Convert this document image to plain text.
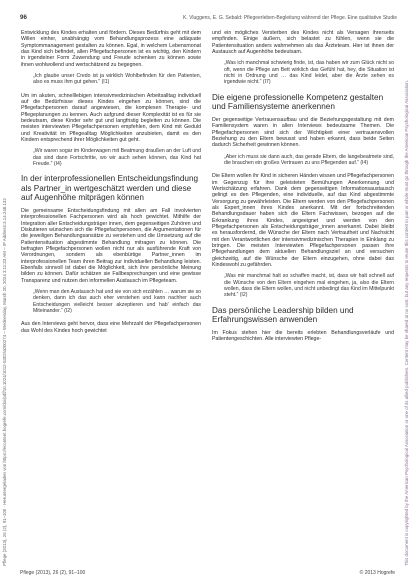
Pflege (2013), 26 (2), 91–100 · Heruntergeladen von https://econtent.hogrefe.com/doi/pdf/10.1024/1012-5302/a000274 – Wednesday, March 20, 2024 3:11:33 AM – IP Address:3.14.248.132	This document is copyrighted by the American Psychological Association or one of its allied publishers. Content may be shared at no cost, but any requests to reuse this content in part or whole must go through the American Psychological Association.
96	K. Vluggens, E. G. Sebald: Pflegeerleben-Begleitung während der Pflege. Eine qualitative Studie

Entwicklung des Kindes erhalten und fördern. Dieses Bedürfnis geht mit dem Willen einher, unabhängig vom Behandlungsprozess eine adäquate Symptommanagement gestalten zu können. Egal, in welchem Lebensmonat das Kind sich befindet, allen Pflegefachpersonen ist es wichtig, den Kindern in irgendeiner Form Zuwendung und Freude schenken zu können sowie ihnen wohlwollend und wertschätzend zu begegnen.

„Ich glaube unser Credo ist ja wirklich Wohlbefinden für den Patienten, also es muss ihm gut gehen.“ (I1)

Um im akuten, schnelllebigen intensivmedizinischen Arbeitsalltag individuell auf die Bedürfnisse dieses Kindes eingehen zu können, sind die Pflegefachpersonen darauf angewiesen, die komplexen Therapie- und Pflegeplanungen zu kennen. Auch aufgrund dieser Komplexität ist es für sie bedeutsam, diese Kinder sehr gut und langfristig begleiten zu können. Die meisten interviewten Pflegefachpersonen empfehlen, dem Kind mit Geduld und Kreativität im Pflegealltag Möglichkeiten anzubieten, damit es den Kindern entsprechend ihrer Möglichkeiten gut geht.

„Wir waren sogar im Kinderwagen mit Beatmung draußen an der Luft und das sind dann Fortschritte, wo wir auch sehen können, das Kind hat Freude.“ (I4)

In der interprofessionellen Entscheidungsfindung als Partner_in wertgeschätzt werden und diese auf Augenhöhe mitprägen können

Die gemeinsame Entscheidungsfindung mit allen am Fall involvierten interprofessionellen Fachpersonen wird als hoch gewichtet. Mithilfe der Integration aller Entscheidungsträger innen, dem gegenseitigen Zuhören und Diskutieren wünschen sich die Pflegefachpersonen, die Argumentationen für die jeweiligen Behandlungsansätze zu verstehen und die Umsetzung auf die Patientensituation abgestimmte Behandlung mitragen zu können. Die befragten Pflegefachpersonen wollen nicht nur als ausführende Kraft von Verordnungen, sondern als ebenbürtige Partner_innen im interprofessionellen Team ihren Beitrag zur individuellen Behandlung leisten. Ebenfalls sinnvoll ist dabei die Möglichkeit, sich ihre persönliche Meinung bilden zu können. Dafür schätzen sie Fallbesprechungen und eine gewisse Transparenz und nutzen den informellen Austausch im Pflegeteam.

„Wenn man den Austausch hat und sie von sich erzählen … warum sie so denken, dann ich das auch eher verstehen und kann nachher auch Entscheidungen vielleicht besser akzeptieren und hab' einfach das Miteinander.“ (I2)

Aus den Interviews geht hervor, dass eine Mehrzahl der Pflegefachpersonen das Wohl des Kindes hoch gewichtet

und ein mögliches Versterben des Kindes nicht als Versagen ihrerseits empfinden. Einige äußern, sich belastet zu fühlen, wenn sie die Patientensituation anders wahrnehmen als das Ärzteteam. Hier ist ihnen der Austausch auf Augenhöhe bedeutsam.

„Was ich manchmal schwierig finde, ist, das haben wir zum Glück nicht so oft, wenn die Pflege am Bett wirklich das Gefühl hat, hey, die Situation ist nicht in Ordnung und … das Kind leidet, aber die Ärzte sehen es irgendwie nicht.“ (I7)

Die eigene professionelle Kompetenz gestalten und Familiensysteme anerkennen

Der gegenseitige Vertrauensaufbau und die Beziehungsgestaltung mit dem Familiensystem waren in allen Interviews bedeutsame Themen. Die Pflegefachpersonen sind sich der Wichtigkeit einer vertrauensvollen Beziehung zu den Eltern bewusst und haben erkannt, dass beide Seiten dadurch Sicherheit gewinnen können.

„Aber ich muss sie dann auch, das gerade Eltern, die langebeatmete sind, die brauchen ein großes Vertrauen zu uns Pflegenden auf.“ (I4)

Die Eltern wollen ihr Kind in sicheren Händen wissen und Pflegefachpersonen im Gegenzug für ihre geleisteten Bemühungen Anerkennung und Wertschätzung erfahren. Dank dem gegenseitigen Informationsaustausch gelingt es den Pflegenden, eine individuelle, auf das Kind abgestimmte Versorgung zu gewährleisten. Die Eltern werden von den Pflegefachpersonen als Expert_innen ihres Kindes anerkannt. Mit der fortschreitenden Behandlungsdauer haben sich die Eltern Fachwissen, bezogen auf die Erkrankung ihres Kindes, angeeignet und werden von den Pflegefachpersonen als Entscheidungsträger_innen anerkannt. Dabei bleibt es herausfordernd, die Wünsche der Eltern nach Vertrautheit und Nachsicht mit den Verantwortlichen der intensivmedizinischen Therapien in Einklang zu bringen. Die meisten Interviewten Pflegefachpersonen passen ihre Pflegehandlungen dem aktuellen Behandlungsziel an und versuchen gleichzeitig, auf die Wünsche der Eltern einzugehen, ohne dabei das Kindeswohl zu gefährden.

„Was mir manchmal halt so schaffen macht, ist, dass wir halt schnell auf die Wünsche von den Eltern eingehen mal eingehen, ja, also die Eltern wollen, dass die Eltern wollen, und nicht unbedingt das Kind im Mittelpunkt steht.“ (I2)

Das persönliche Leadership bilden und Erfahrungswissen anwenden

Im Fokus stehen hier die bereits erlebten Behandlungsverläufe und Patientengeschichten. Alle interviewten Pflege-

Pflege (2013), 26 (2), 91–100	© 2013 Hogrefe
